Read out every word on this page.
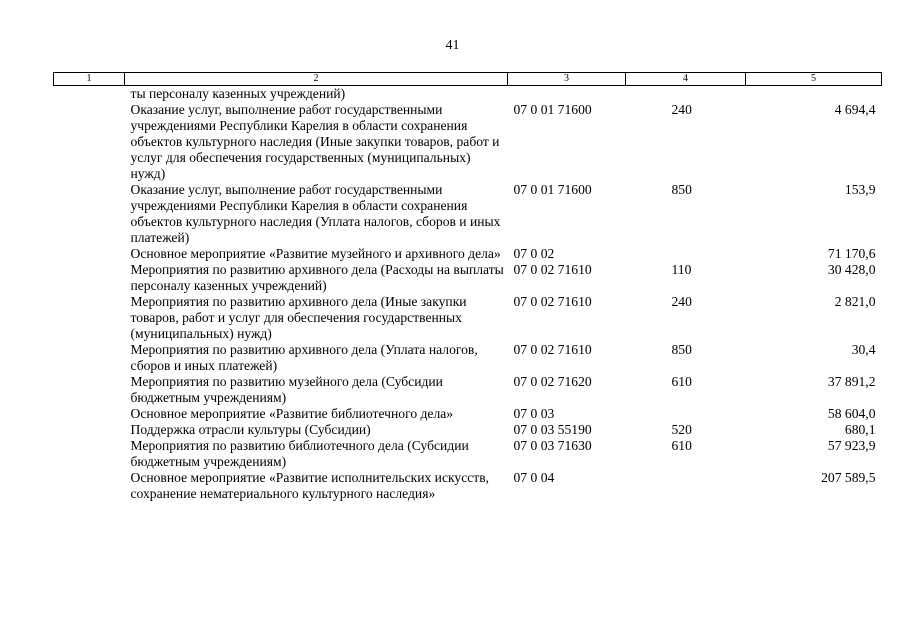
41
1	2	3	4	5
	ты персоналу казенных учреждений)			
	Оказание услуг, выполнение работ государственными учреждениями Республики Карелия в области сохранения объектов культурного наследия (Иные закупки товаров, работ и услуг для обеспечения государственных (муниципальных) нужд)	07 0 01 71600	240	4 694,4
	Оказание услуг, выполнение работ государственными учреждениями Республики Карелия в области сохранения объектов культурного наследия (Уплата налогов, сборов и иных платежей)	07 0 01 71600	850	153,9
	Основное мероприятие «Развитие музейного и архивного дела»	07 0 02		71 170,6
	Мероприятия по развитию архивного дела (Расходы на выплаты персоналу казенных учреждений)	07 0 02 71610	110	30 428,0
	Мероприятия по развитию архивного дела (Иные закупки товаров, работ и услуг для обеспечения государственных (муниципальных) нужд)	07 0 02 71610	240	2 821,0
	Мероприятия по развитию архивного дела (Уплата налогов, сборов и иных платежей)	07 0 02 71610	850	30,4
	Мероприятия по развитию музейного дела (Субсидии бюджетным учреждениям)	07 0 02 71620	610	37 891,2
	Основное мероприятие «Развитие библиотечного дела»	07 0 03		58 604,0
	Поддержка отрасли культуры (Субсидии)	07 0 03 55190	520	680,1
	Мероприятия по развитию библиотечного дела (Субсидии бюджетным учреждениям)	07 0 03 71630	610	57 923,9
	Основное мероприятие «Развитие исполнительских искусств, сохранение нематериального культурного наследия»	07 0 04		207 589,5
